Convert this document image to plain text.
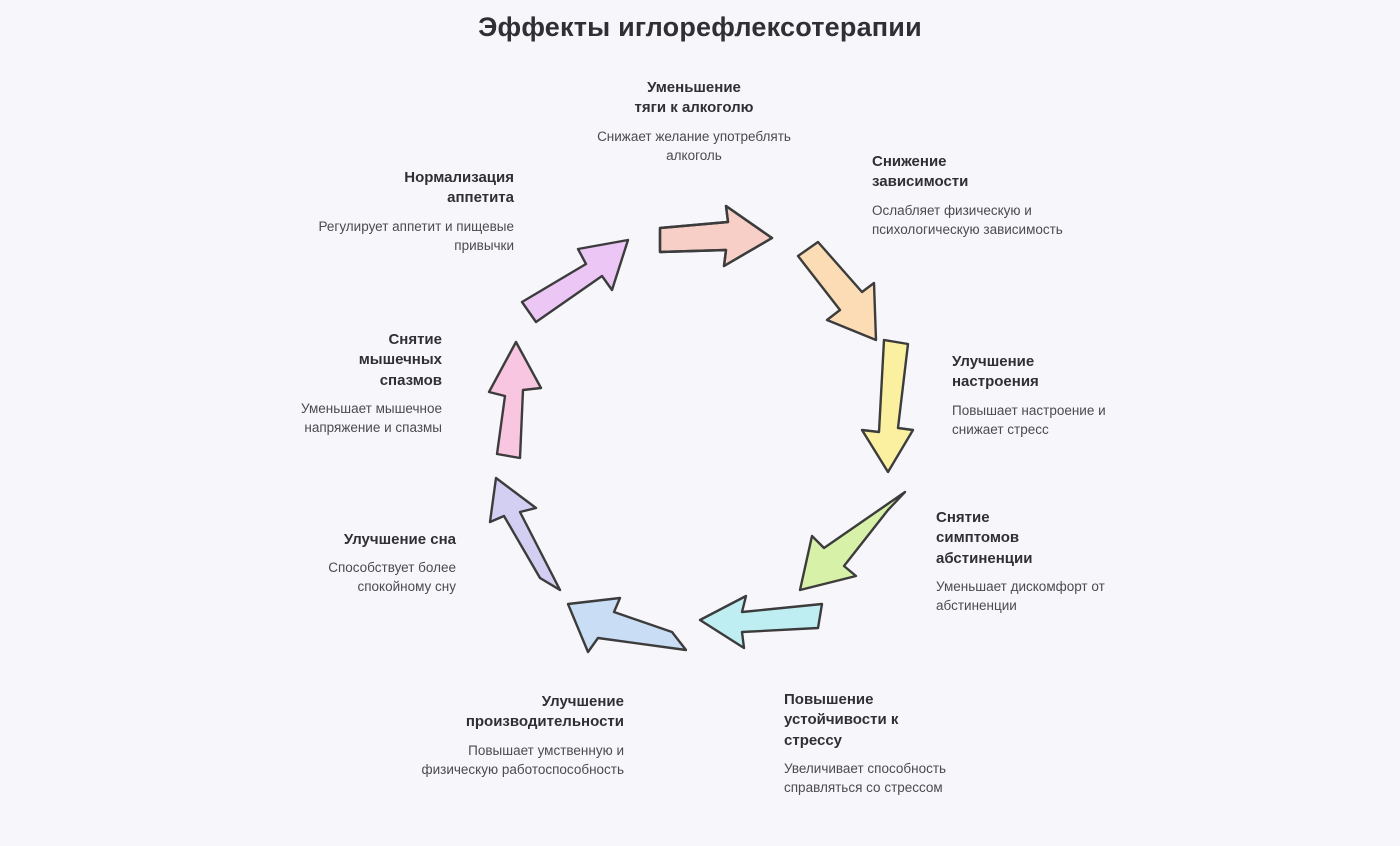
Эффекты иглорефлексотерапии
Уменьшение
тяги к алкоголю
Снижает желание употреблять алкоголь	Снижение
зависимости
Ослабляет физическую и психологическую зависимость
Улучшение
настроения
Повышает настроение и снижает стресс
Снятие
симптомов
абстиненции
Уменьшает дискомфорт от абстиненции
Повышение
устойчивости к
стрессу
Увеличивает способность справляться со стрессом
Улучшение
производительности
Повышает умственную и физическую работоспособность
Улучшение сна
Способствует более спокойному сну
Снятие
мышечных
спазмов
Уменьшает мышечное напряжение и спазмы
Нормализация
аппетита
Регулирует аппетит и пищевые привычки
